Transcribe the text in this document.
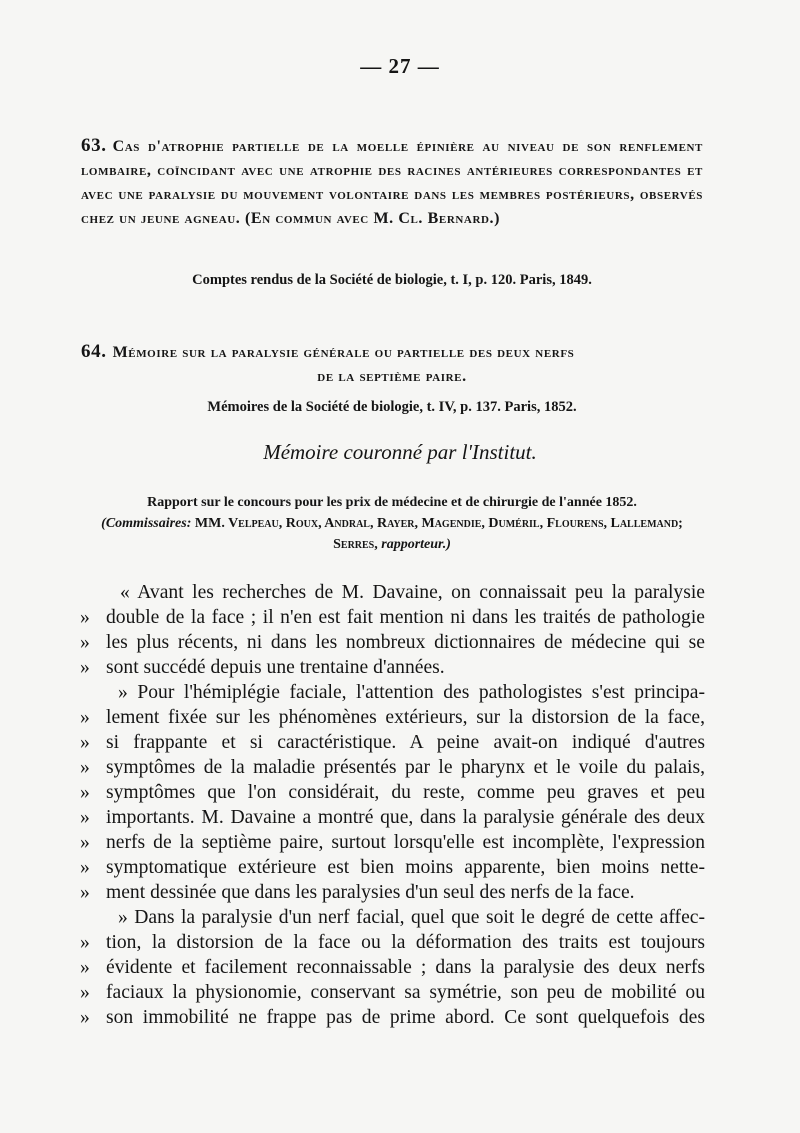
— 27 —
63. Cas d'atrophie partielle de la moelle épinière au niveau de son renflement lombaire, coïncidant avec une atrophie des racines antérieures correspondantes et avec une paralysie du mouvement volontaire dans les membres postérieurs, observés chez un jeune agneau. (En commun avec M. Cl. Bernard.)
Comptes rendus de la Société de biologie, t. I, p. 120. Paris, 1849.
64. Mémoire sur la paralysie générale ou partielle des deux nerfs
de la septième paire.
Mémoires de la Société de biologie, t. IV, p. 137. Paris, 1852.
Mémoire couronné par l'Institut.
Rapport sur le concours pour les prix de médecine et de chirurgie de l'année 1852.
(Commissaires: MM. Velpeau, Roux, Andral, Rayer, Magendie, Duméril, Flourens, Lallemand;
Serres, rapporteur.)
« Avant les recherches de M. Davaine, on connaissait peu la paralysie
» double de la face ; il n'en est fait mention ni dans les traités de pathologie
» les plus récents, ni dans les nombreux dictionnaires de médecine qui se
» sont succédé depuis une trentaine d'années.
» Pour l'hémiplégie faciale, l'attention des pathologistes s'est principa-
» lement fixée sur les phénomènes extérieurs, sur la distorsion de la face,
» si frappante et si caractéristique. A peine avait-on indiqué d'autres
» symptômes de la maladie présentés par le pharynx et le voile du palais,
» symptômes que l'on considérait, du reste, comme peu graves et peu
» importants. M. Davaine a montré que, dans la paralysie générale des deux
» nerfs de la septième paire, surtout lorsqu'elle est incomplète, l'expression
» symptomatique extérieure est bien moins apparente, bien moins nette-
» ment dessinée que dans les paralysies d'un seul des nerfs de la face.
» Dans la paralysie d'un nerf facial, quel que soit le degré de cette affec-
» tion, la distorsion de la face ou la déformation des traits est toujours
» évidente et facilement reconnaissable ; dans la paralysie des deux nerfs
» faciaux la physionomie, conservant sa symétrie, son peu de mobilité ou
» son immobilité ne frappe pas de prime abord. Ce sont quelquefois des
